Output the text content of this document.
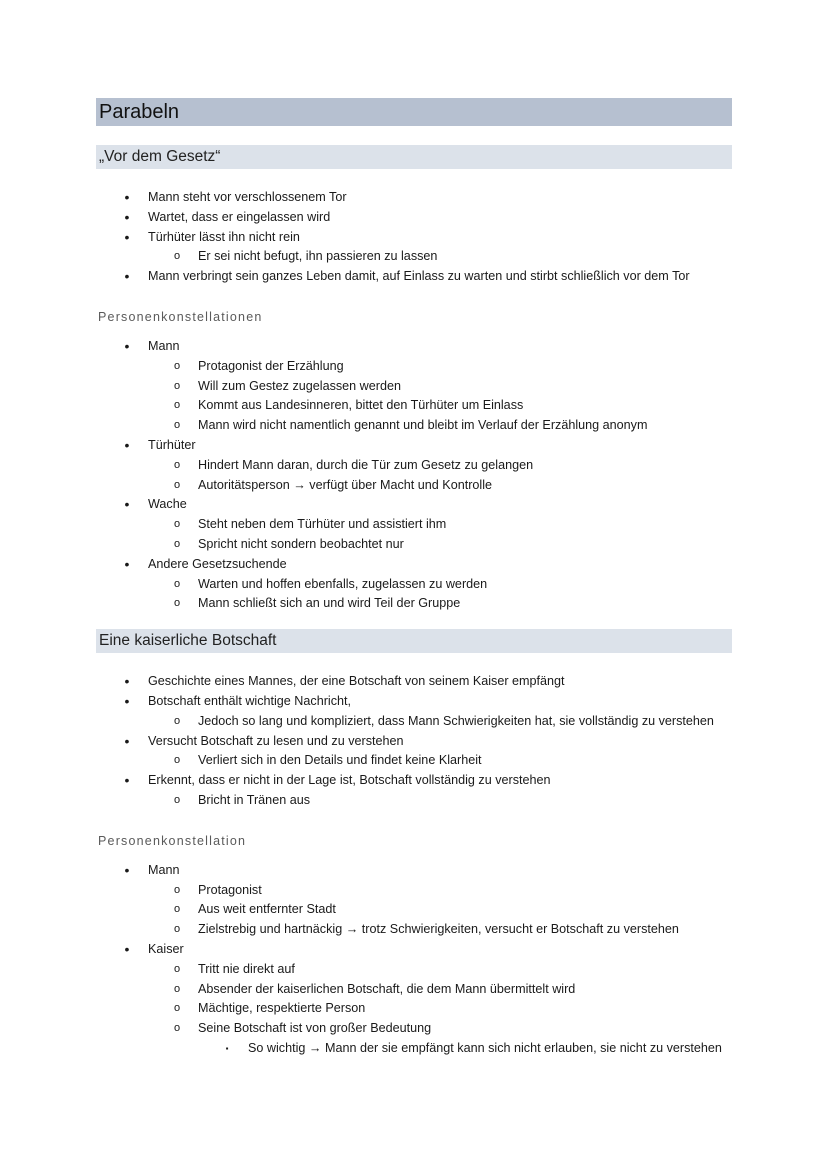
Parabeln
„Vor dem Gesetz“
•	Mann steht vor verschlossenem Tor
•	Wartet, dass er eingelassen wird
•	Türhüter lässt ihn nicht rein
o	Er sei nicht befugt, ihn passieren zu lassen
•	Mann verbringt sein ganzes Leben damit, auf Einlass zu warten und stirbt schließlich vor dem Tor
Personenkonstellationen
•	Mann
o	Protagonist der Erzählung
o	Will zum Gestez zugelassen werden
o	Kommt aus Landesinneren, bittet den Türhüter um Einlass
o	Mann wird nicht namentlich genannt und bleibt im Verlauf der Erzählung anonym
•	Türhüter
o	Hindert Mann daran, durch die Tür zum Gesetz zu gelangen
o	Autoritätsperson → verfügt über Macht und Kontrolle
•	Wache
o	Steht neben dem Türhüter und assistiert ihm
o	Spricht nicht sondern beobachtet nur
•	Andere Gesetzsuchende
o	Warten und hoffen ebenfalls, zugelassen zu werden
o	Mann schließt sich an und wird Teil der Gruppe
Eine kaiserliche Botschaft
•	Geschichte eines Mannes, der eine Botschaft von seinem Kaiser empfängt
•	Botschaft enthält wichtige Nachricht,
o	Jedoch so lang und kompliziert, dass Mann Schwierigkeiten hat, sie vollständig zu verstehen
•	Versucht Botschaft zu lesen und zu verstehen
o	Verliert sich in den Details und findet keine Klarheit
•	Erkennt, dass er nicht in der Lage ist, Botschaft vollständig zu verstehen
o	Bricht in Tränen aus
Personenkonstellation
•	Mann
o	Protagonist
o	Aus weit entfernter Stadt
o	Zielstrebig und hartnäckig → trotz Schwierigkeiten, versucht er Botschaft zu verstehen
•	Kaiser
o	Tritt nie direkt auf
o	Absender der kaiserlichen Botschaft, die dem Mann übermittelt wird
o	Mächtige, respektierte Person
o	Seine Botschaft ist von großer Bedeutung
▪	So wichtig → Mann der sie empfängt kann sich nicht erlauben, sie nicht zu verstehen
